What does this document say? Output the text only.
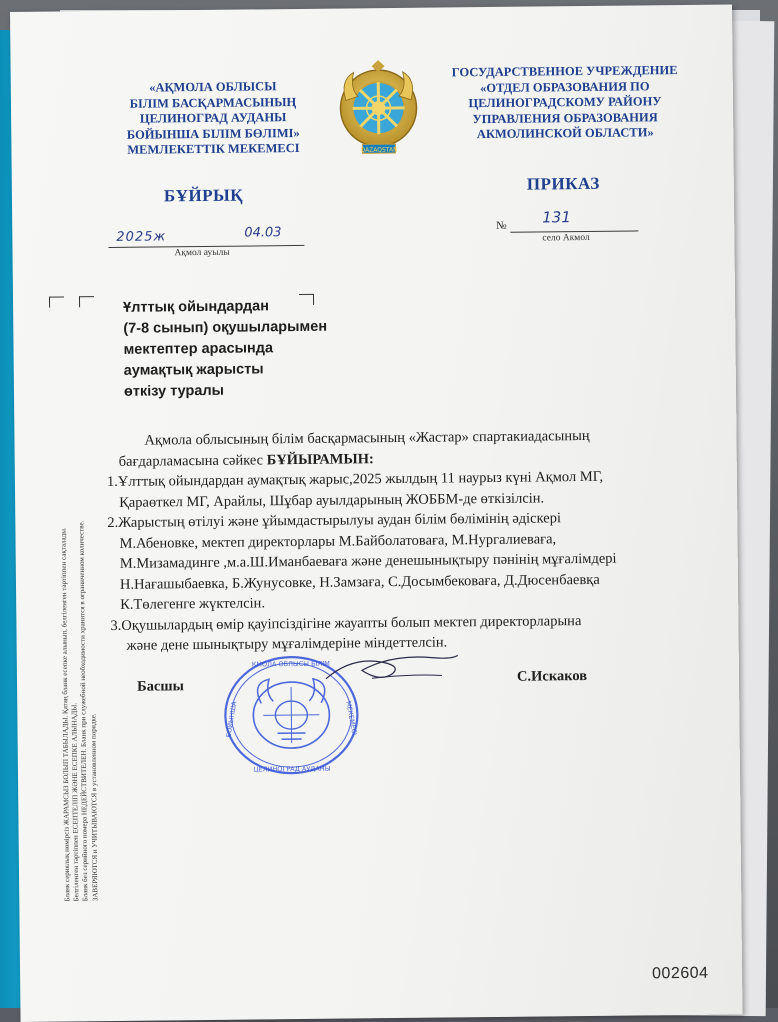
«АҚМОЛА ОБЛЫСЫ
БІЛІМ БАСҚАРМАСЫНЫҢ
ЦЕЛИНОГРАД АУДАНЫ
БОЙЫНША БІЛІМ БӨЛІМІ»
МЕМЛЕКЕТТІК МЕКЕМЕСІ	QAZAQSTAN
ГОСУДАРСТВЕННОЕ УЧРЕЖДЕНИЕ
«ОТДЕЛ ОБРАЗОВАНИЯ ПО
ЦЕЛИНОГРАДСКОМУ РАЙОНУ
УПРАВЛЕНИЯ ОБРАЗОВАНИЯ
АКМОЛИНСКОЙ ОБЛАСТИ»
БҰЙРЫҚ
ПРИКАЗ
2025ж	04.03
Ақмол ауылы
№ 131
село Акмол
Ұлттық ойындардан
(7-8 сынып) оқушыларымен
мектептер арасында
аумақтық жарысты
өткізу туралы
Ақмола облысының білім басқармасының «Жастар» спартакиадасының
бағдарламасына сәйкес БҰЙЫРАМЫН:
1.Ұлттық ойындардан аумақтық жарыс,2025 жылдың 11 наурыз күні Ақмол МГ,
Қараөткел МГ, Арайлы, Шұбар ауылдарының ЖОББМ-де өткізілсін.
2.Жарыстың өтілуі және ұйымдастырылуы аудан білім бөлімінің әдіскері
М.Абеновке, мектеп директорлары М.Байболатоваға, М.Нургалиеваға,
М.Мизамадинге ,м.а.Ш.Иманбаеваға және денешынықтыру пәнінің мұғалімдері
Н.Нағашыбаевка, Б.Жунусовке, Н.Замзаға, С.Досымбековаға, Д.Дюсенбаевқа
К.Төлегенге жүктелсін.
3.Оқушылардың өмір қауіпсіздігіне жауапты болып мектеп директорларына
және дене шынықтыру мұғалімдеріне міндеттелсін.
Басшы
С.Искаков
ҚМОЛА ОБЛЫСЫ БІЛІМ
ЦЕЛИНОГРАД АУДАНЫ
БОЙЫНША	МЕКЕМЕСІ
Бланк сериялық нөмірсіз ЖАРАМСЫЗ БОЛЫП ТАБЫЛАДЫ. Қатаң бланк есепке алынып, белгіленген тәртіппен сақталады. Белгіленген тәртіппен ЕСЕПТЕЛІП ЖӘНЕ ЕСЕПКЕ АЛЫНАДЫ.
Бланк без серийного номера НЕДЕЙСТВИТЕЛЕН. Бланк при служебной необходимости хранится в ограниченном количестве. ЗАВЕРЯЮТСЯ и УЧИТЫВАЮТСЯ в установленном порядке.
002604
